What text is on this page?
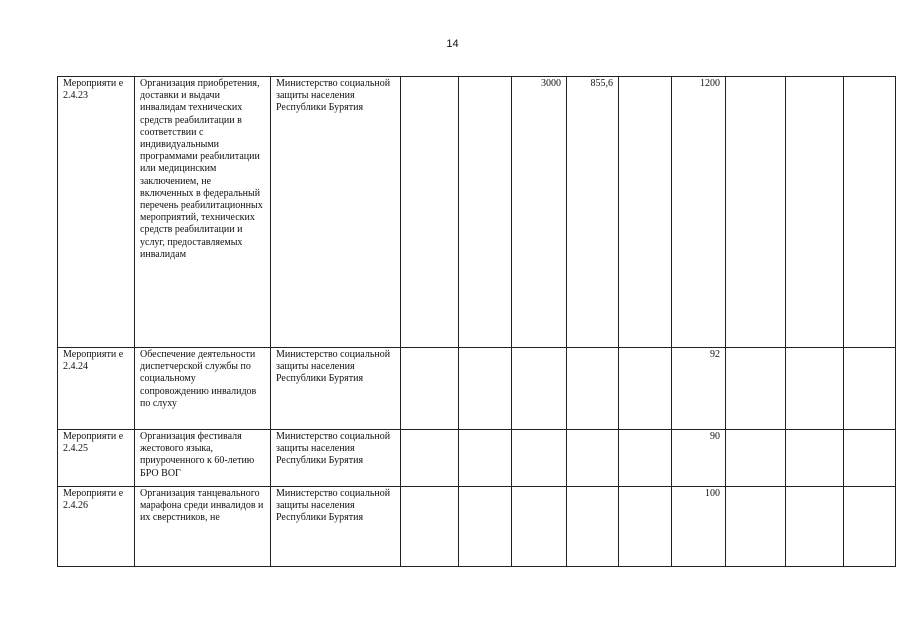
14
Мероприяти е 2.4.23	Организация приобретения, доставки и выдачи инвалидам технических средств реабилитации в соответствии с индивидуальными программами реабилитации или медицинским заключением, не включенных в федеральный перечень реабилитационных мероприятий, технических средств реабилитации и услуг, предоставляемых инвалидам	Министерство социальной защиты населения Республики Бурятия			3000	855,6		1200			
Мероприяти е 2.4.24	Обеспечение деятельности диспетчерской службы по социальному сопровождению инвалидов по слуху	Министерство социальной защиты населения Республики Бурятия						92			
Мероприяти е 2.4.25	Организация фестиваля жестового языка, приуроченного к 60-летию БРО ВОГ	Министерство социальной защиты населения Республики Бурятия						90			
Мероприяти е 2.4.26	Организация танцевального марафона среди инвалидов и их сверстников, не	Министерство социальной защиты населения Республики Бурятия						100			
